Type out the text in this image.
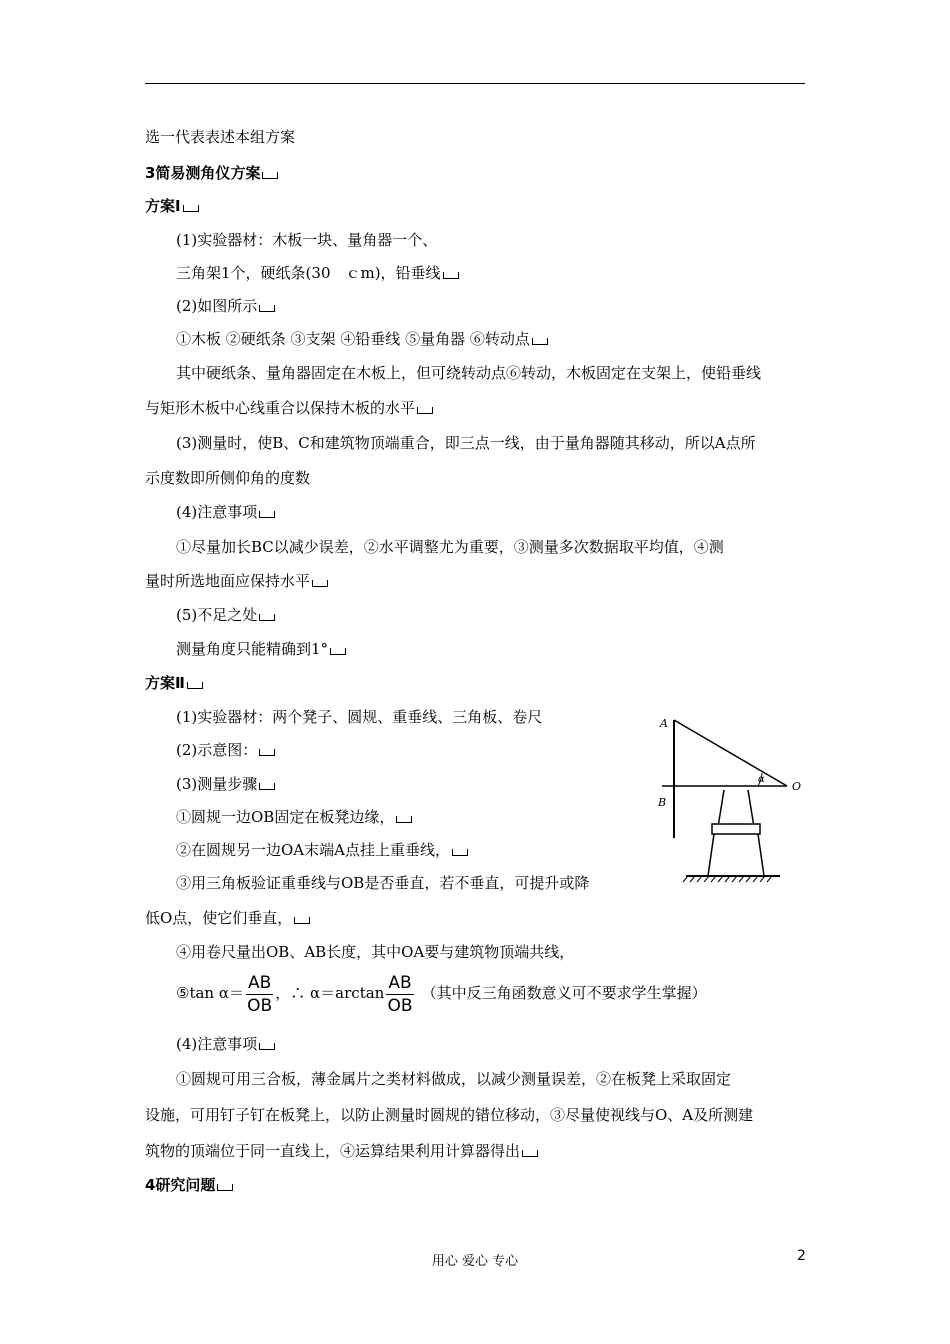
选一代表表述本组方案
3简易测角仪方案
方案Ⅰ
(1)实验器材：木板一块、量角器一个、
三角架1个，硬纸条(30　ｃm)，铅垂线
(2)如图所示
①木板 ②硬纸条 ③支架 ④铅垂线 ⑤量角器 ⑥转动点
其中硬纸条、量角器固定在木板上，但可绕转动点⑥转动，木板固定在支架上，使铅垂线
与矩形木板中心线重合以保持木板的水平
(3)测量时，使B、C和建筑物顶端重合，即三点一线，由于量角器随其移动，所以A点所
示度数即所侧仰角的度数
(4)注意事项
①尽量加长BC以减少误差，②水平调整尤为重要，③测量多次数据取平均值，④测
量时所选地面应保持水平
(5)不足之处
测量角度只能精确到1°
方案Ⅱ
(1)实验器材：两个凳子、圆规、重垂线、三角板、卷尺
(2)示意图：
(3)测量步骤
①圆规一边OB固定在板凳边缘，
②在圆规另一边OA末端A点挂上重垂线，
③用三角板验证重垂线与OB是否垂直，若不垂直，可提升或降
低O点，使它们垂直，
④用卷尺量出OB、AB长度，其中OA要与建筑物顶端共线，
(4)注意事项
①圆规可用三合板，薄金属片之类材料做成，以减少测量误差，②在板凳上采取固定
设施，可用钉子钉在板凳上，以防止测量时圆规的错位移动，③尽量使视线与O、A及所测建
筑物的顶端位于同一直线上，④运算结果利用计算器得出
4研究问题
⑤tan $\alpha= \frac{AB}{OB}$ ，∴ $\alpha=\arctan \frac{AB}{OB}$ （其中反三角函数意义可不要求学生掌握）
A
B
O
α
用心 爱心 专心	2
